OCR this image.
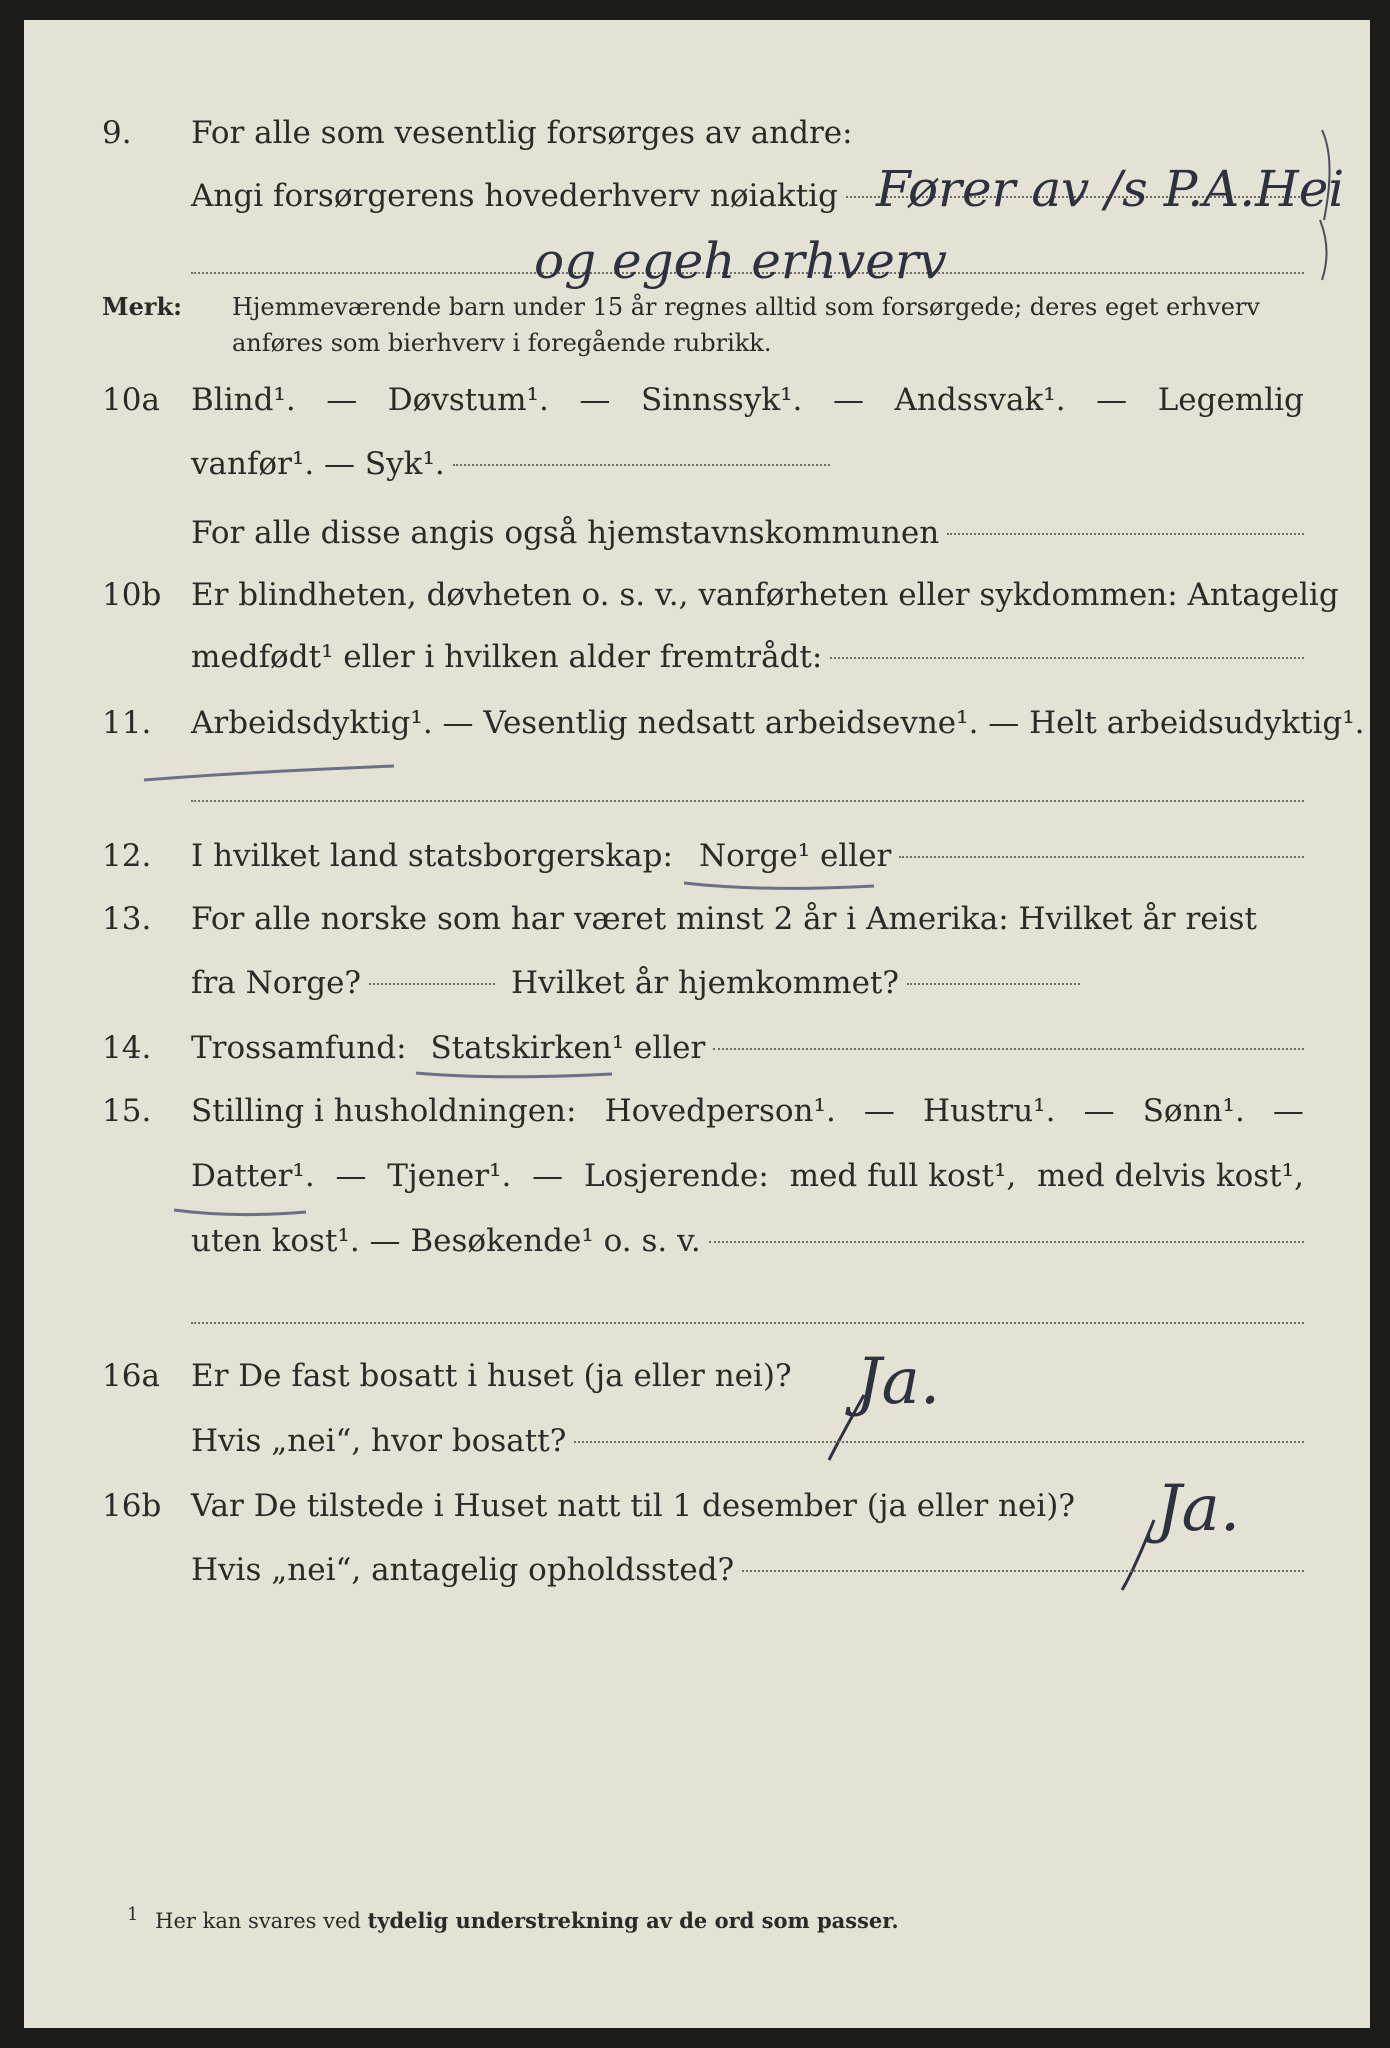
9. For alle som vesentlig forsørges av andre:
Angi forsørgerens hovederhverv nøiaktig Fører av /s P.A.Hei
og egeh erhverv
Merk: Hjemmeværende barn under 15 år regnes alltid som forsørgede; deres eget erhverv
anføres som bierhverv i foregående rubrikk.
10a Blind¹. — Døvstum¹. — Sinnssyk¹. — Andssvak¹. — Legemlig
vanfør¹. — Syk¹.
For alle disse angis også hjemstavnskommunen
10b Er blindheten, døvheten o. s. v., vanførheten eller sykdommen: Antagelig
medfødt¹ eller i hvilken alder fremtrådt:
11. Arbeidsdyktig¹. — Vesentlig nedsatt arbeidsevne¹. — Helt arbeidsudyktig¹.
12. I hvilket land statsborgerskap: Norge¹ eller
13. For alle norske som har været minst 2 år i Amerika: Hvilket år reist
fra Norge?	Hvilket år hjemkommet?
14. Trossamfund: Statskirken¹ eller
15. Stilling i husholdningen: Hovedperson¹. — Hustru¹. — Sønn¹. —
Datter¹. — Tjener¹. — Losjerende: med full kost¹, med delvis kost¹,
uten kost¹. — Besøkende¹ o. s. v.
16a Er De fast bosatt i huset (ja eller nei)? Ja.
Hvis „nei“, hvor bosatt?
16b Var De tilstede i Huset natt til 1 desember (ja eller nei)? Ja.
Hvis „nei“, antagelig opholdssted?
1 Her kan svares ved tydelig understrekning av de ord som passer.
